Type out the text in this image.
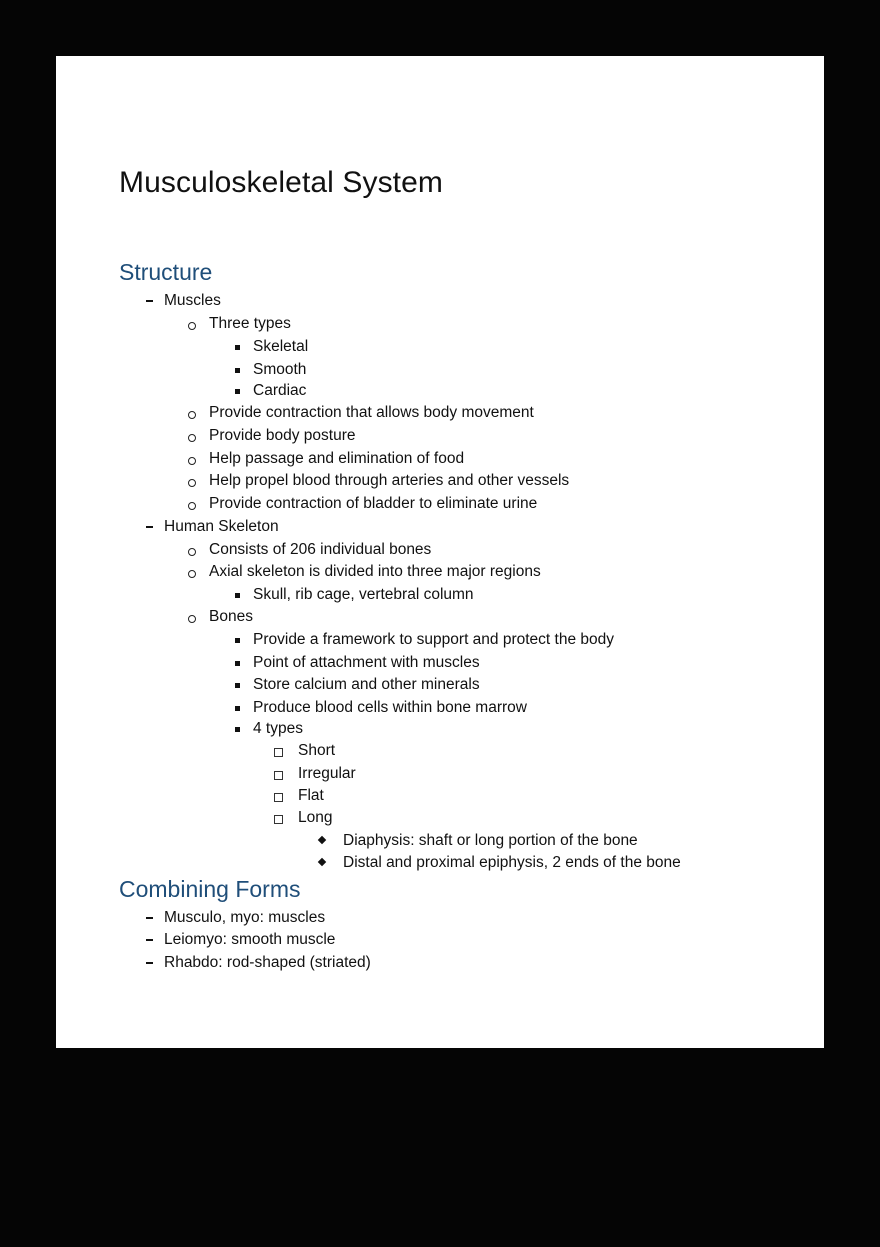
Musculoskeletal System
Structure
Muscles
Three types
Skeletal
Smooth
Cardiac
Provide contraction that allows body movement
Provide body posture
Help passage and elimination of food
Help propel blood through arteries and other vessels
Provide contraction of bladder to eliminate urine
Human Skeleton
Consists of 206 individual bones
Axial skeleton is divided into three major regions
Skull, rib cage, vertebral column
Bones
Provide a framework to support and protect the body
Point of attachment with muscles
Store calcium and other minerals
Produce blood cells within bone marrow
4 types
Short
Irregular
Flat
Long
Diaphysis: shaft or long portion of the bone
Distal and proximal epiphysis, 2 ends of the bone
Combining Forms
Musculo, myo: muscles
Leiomyo: smooth muscle
Rhabdo: rod-shaped (striated)
